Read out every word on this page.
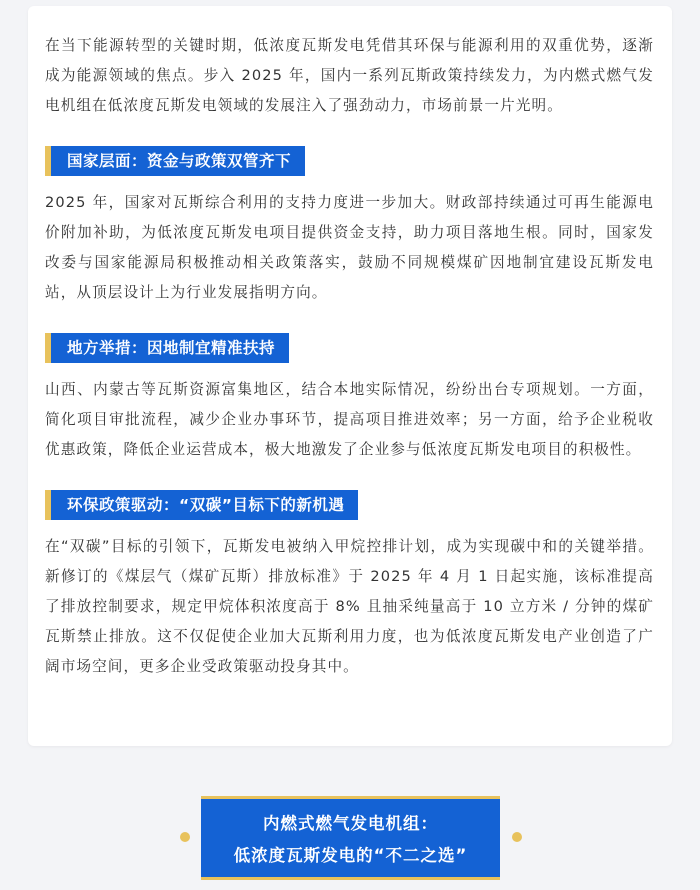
在当下能源转型的关键时期，低浓度瓦斯发电凭借其环保与能源利用的双重优势，逐渐成为能源领域的焦点。步入 2025 年，国内一系列瓦斯政策持续发力，为内燃式燃气发电机组在低浓度瓦斯发电领域的发展注入了强劲动力，市场前景一片光明。

国家层面：资金与政策双管齐下

2025 年，国家对瓦斯综合利用的支持力度进一步加大。财政部持续通过可再生能源电价附加补助，为低浓度瓦斯发电项目提供资金支持，助力项目落地生根。同时，国家发改委与国家能源局积极推动相关政策落实，鼓励不同规模煤矿因地制宜建设瓦斯发电站，从顶层设计上为行业发展指明方向。

地方举措：因地制宜精准扶持

山西、内蒙古等瓦斯资源富集地区，结合本地实际情况，纷纷出台专项规划。一方面，简化项目审批流程，减少企业办事环节，提高项目推进效率；另一方面，给予企业税收优惠政策，降低企业运营成本，极大地激发了企业参与低浓度瓦斯发电项目的积极性。

环保政策驱动：“双碳”目标下的新机遇

在“双碳”目标的引领下，瓦斯发电被纳入甲烷控排计划，成为实现碳中和的关键举措。新修订的《煤层气（煤矿瓦斯）排放标准》于 2025 年 4 月 1 日起实施，该标准提高了排放控制要求，规定甲烷体积浓度高于 8% 且抽采纯量高于 10 立方米 / 分钟的煤矿瓦斯禁止排放。这不仅促使企业加大瓦斯利用力度，也为低浓度瓦斯发电产业创造了广阔市场空间，更多企业受政策驱动投身其中。

内燃式燃气发电机组：
低浓度瓦斯发电的“不二之选”
